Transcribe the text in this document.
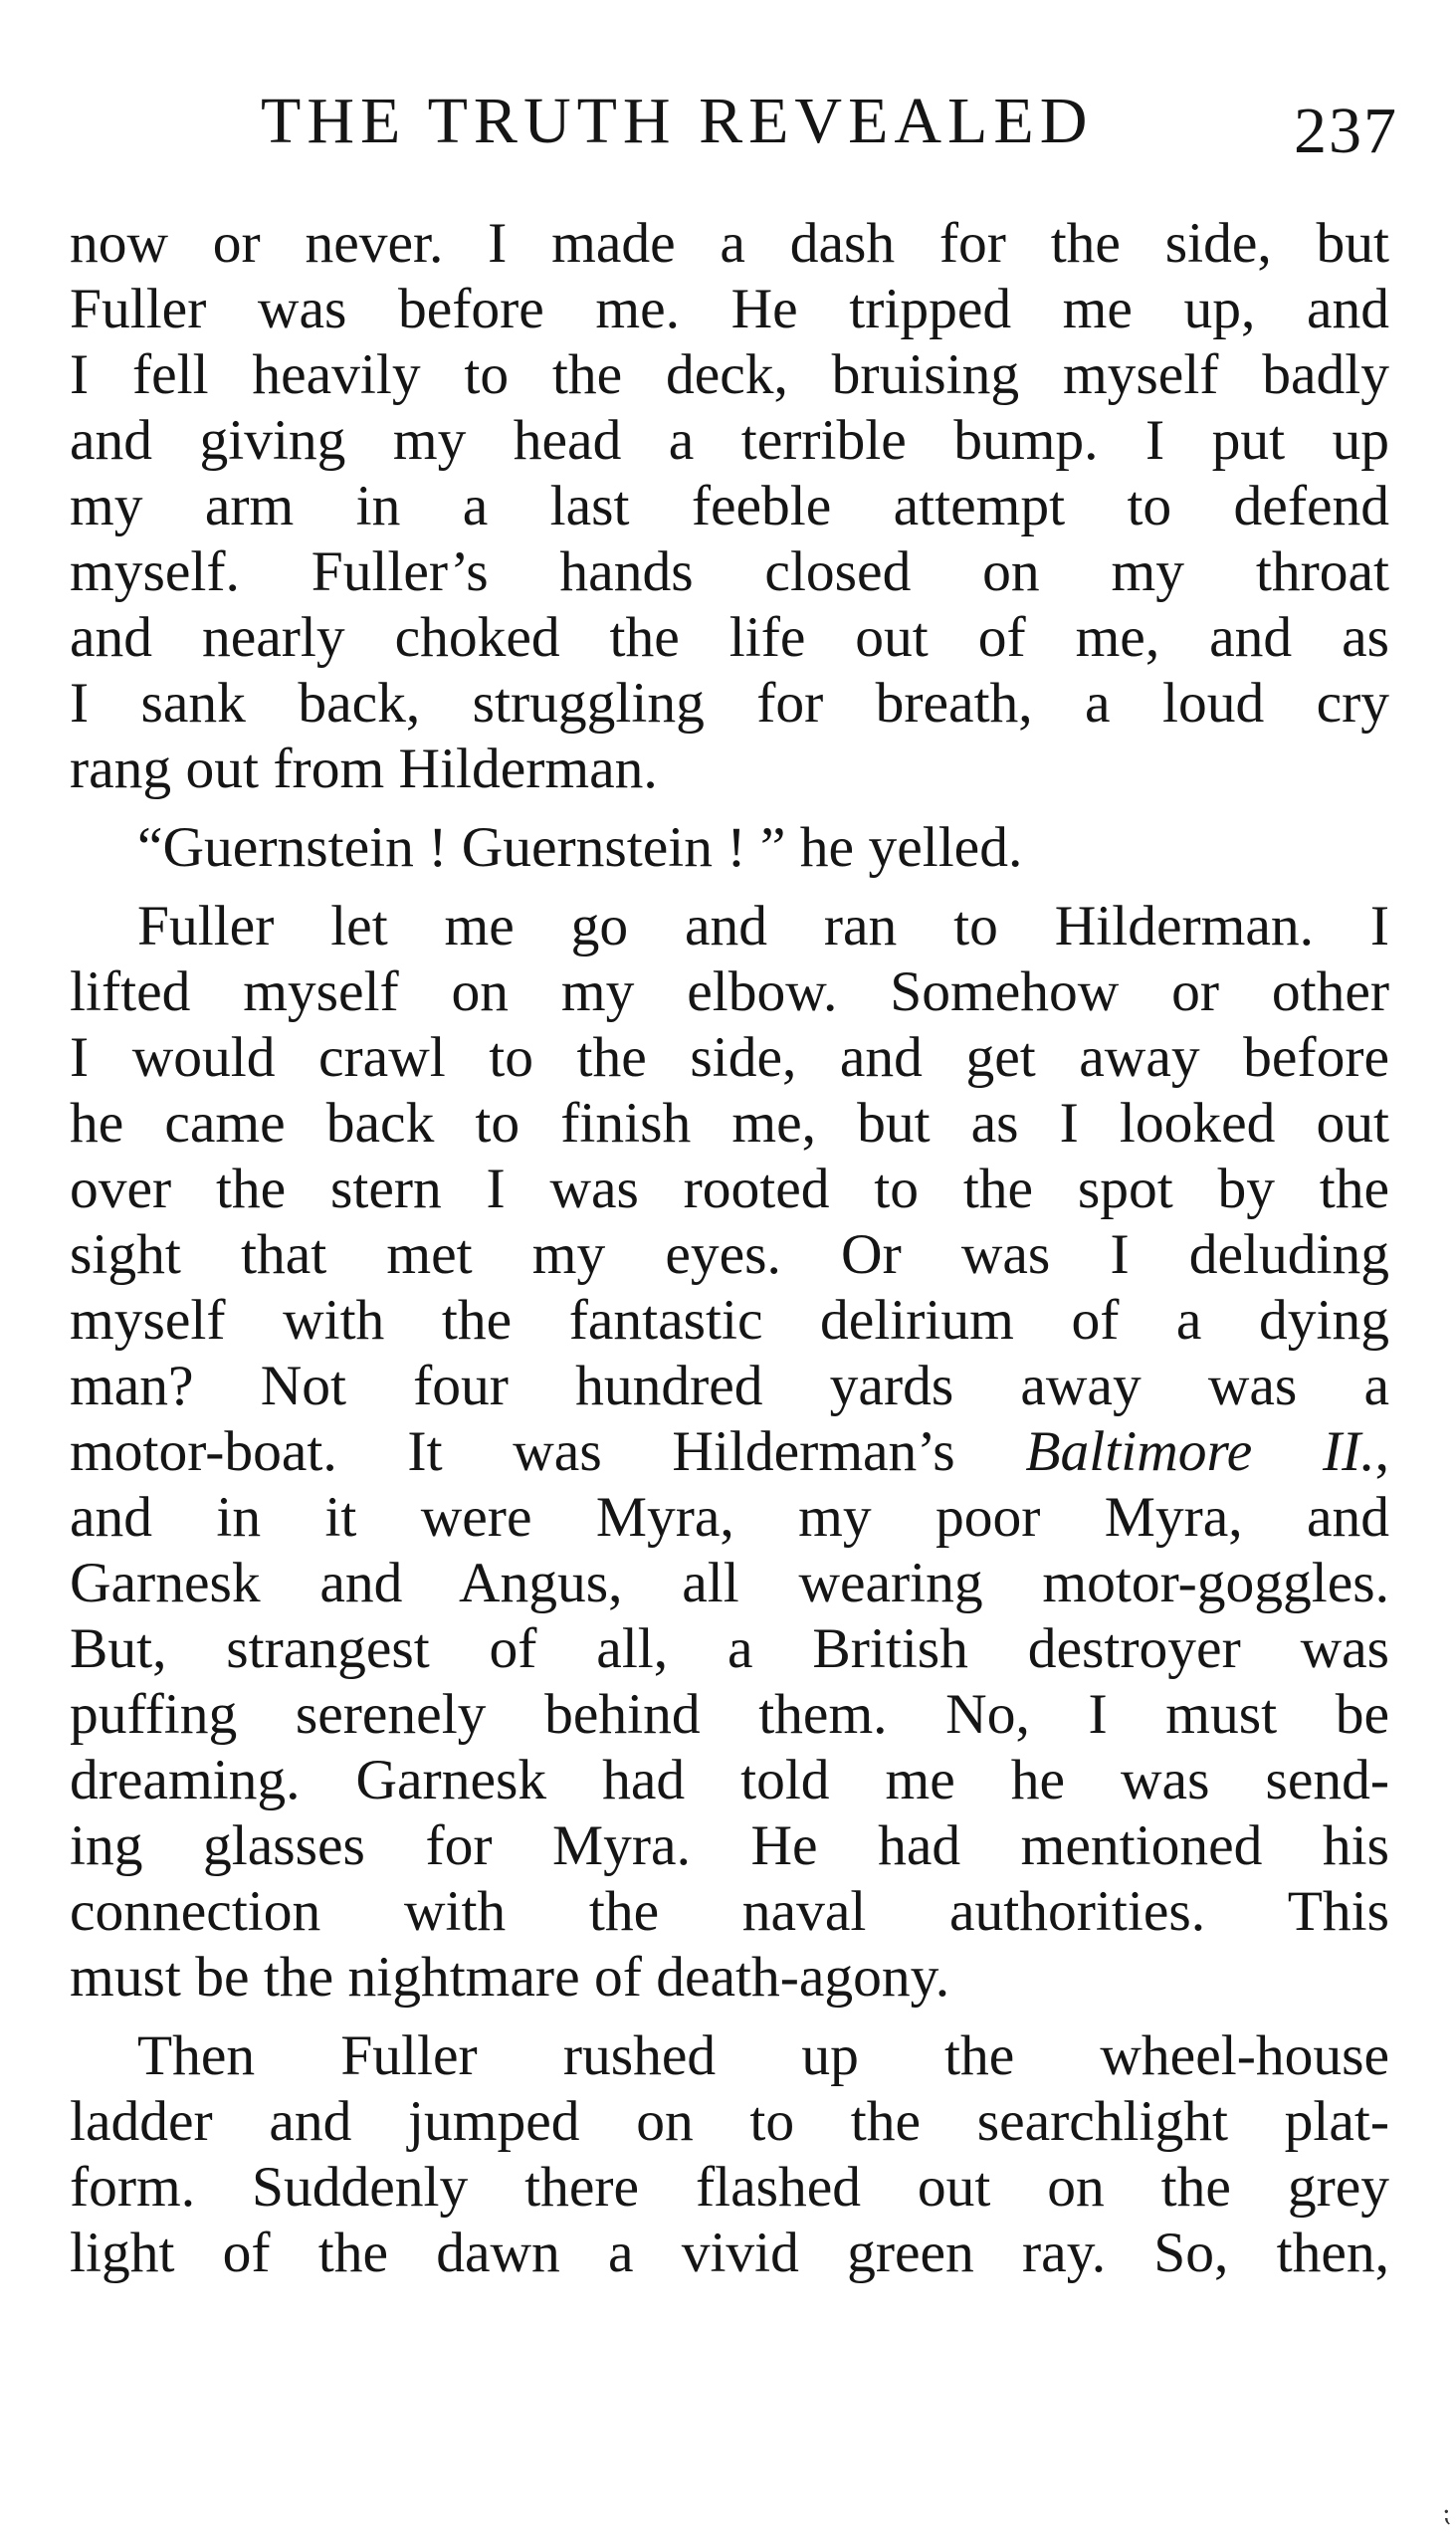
THE TRUTH REVEALED	237

now or never. I made a dash for the side, but
Fuller was before me. He tripped me up, and
I fell heavily to the deck, bruising myself badly
and giving my head a terrible bump. I put up
my arm in a last feeble attempt to defend
myself. Fuller’s hands closed on my throat
and nearly choked the life out of me, and as
I sank back, struggling for breath, a loud cry
rang out from Hilderman.

“Guernstein ! Guernstein ! ” he yelled.

Fuller let me go and ran to Hilderman. I
lifted myself on my elbow. Somehow or other
I would crawl to the side, and get away before
he came back to finish me, but as I looked out
over the stern I was rooted to the spot by the
sight that met my eyes. Or was I deluding
myself with the fantastic delirium of a dying
man? Not four hundred yards away was a
motor-boat. It was Hilderman’s Baltimore II.,
and in it were Myra, my poor Myra, and
Garnesk and Angus, all wearing motor-goggles.
But, strangest of all, a British destroyer was
puffing serenely behind them. No, I must be
dreaming. Garnesk had told me he was send-
ing glasses for Myra. He had mentioned his
connection with the naval authorities. This
must be the nightmare of death-agony.

Then Fuller rushed up the wheel-house
ladder and jumped on to the searchlight plat-
form. Suddenly there flashed out on the grey
light of the dawn a vivid green ray. So, then,

⁏
